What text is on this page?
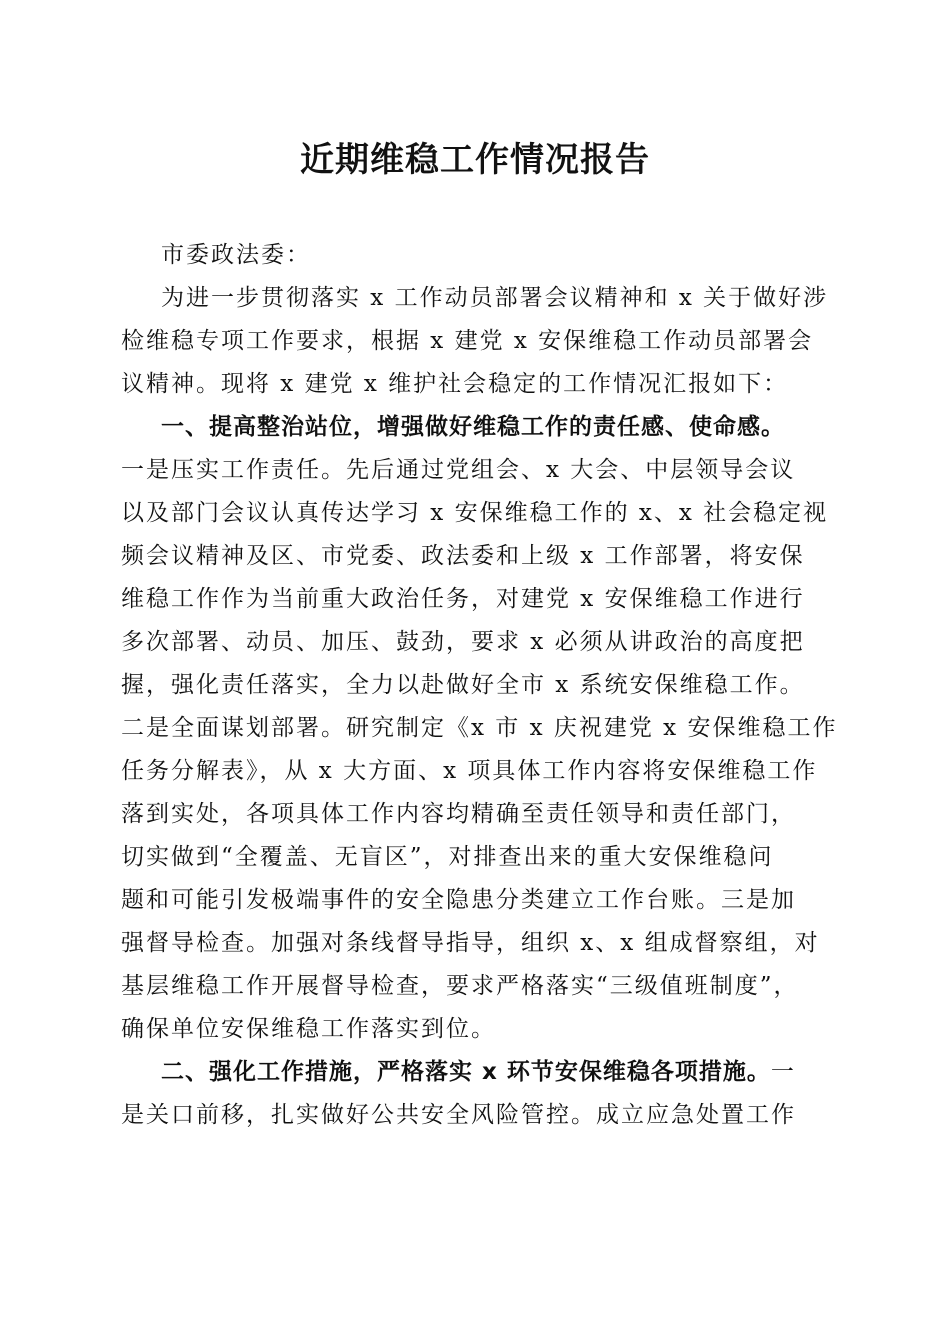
近期维稳工作情况报告
市委政法委：
为进一步贯彻落实 x 工作动员部署会议精神和 x 关于做好涉
检维稳专项工作要求，根据 x 建党 x 安保维稳工作动员部署会
议精神。现将 x 建党 x 维护社会稳定的工作情况汇报如下：
一、提高整治站位，增强做好维稳工作的责任感、使命感。
一是压实工作责任。先后通过党组会、x 大会、中层领导会议
以及部门会议认真传达学习 x 安保维稳工作的 x、x 社会稳定视
频会议精神及区、市党委、政法委和上级 x 工作部署，将安保
维稳工作作为当前重大政治任务，对建党 x 安保维稳工作进行
多次部署、动员、加压、鼓劲，要求 x 必须从讲政治的高度把
握，强化责任落实，全力以赴做好全市 x 系统安保维稳工作。
二是全面谋划部署。研究制定《x 市 x 庆祝建党 x 安保维稳工作
任务分解表》，从 x 大方面、x 项具体工作内容将安保维稳工作
落到实处，各项具体工作内容均精确至责任领导和责任部门，
切实做到“全覆盖、无盲区”，对排查出来的重大安保维稳问
题和可能引发极端事件的安全隐患分类建立工作台账。三是加
强督导检查。加强对条线督导指导，组织 x、x 组成督察组，对
基层维稳工作开展督导检查，要求严格落实“三级值班制度”，
确保单位安保维稳工作落实到位。
二、强化工作措施，严格落实 x 环节安保维稳各项措施。一
是关口前移，扎实做好公共安全风险管控。成立应急处置工作
